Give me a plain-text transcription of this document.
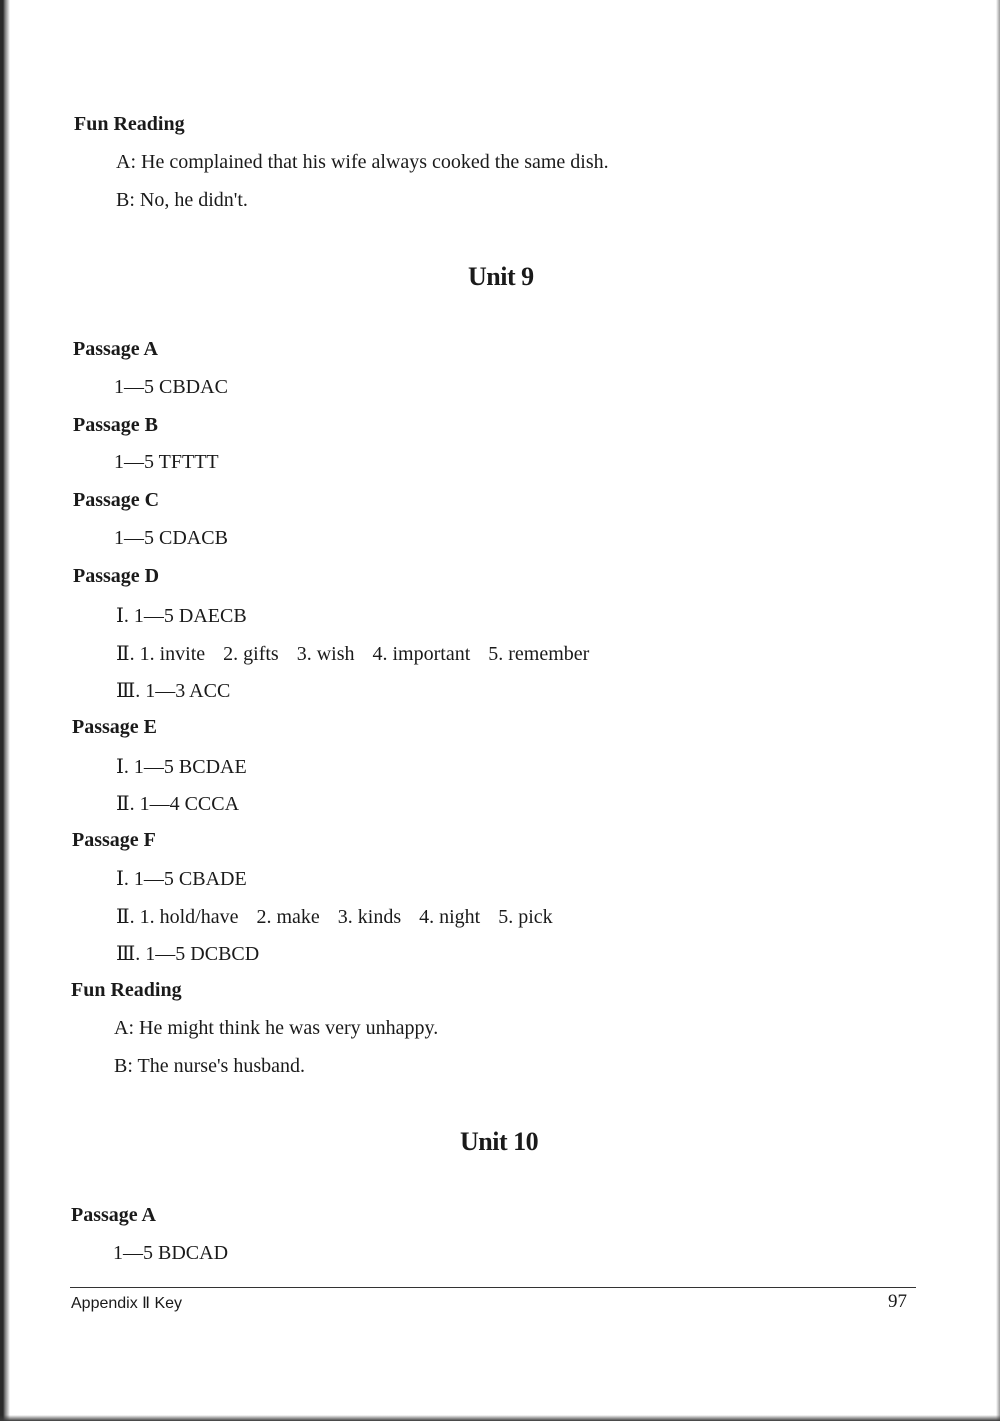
Fun Reading
A: He complained that his wife always cooked the same dish.
B: No, he didn't.
Unit 9
Passage A
1—5 CBDAC
Passage B
1—5 TFTTT
Passage C
1—5 CDACB
Passage D
Ⅰ. 1—5 DAECB
Ⅱ. 1. invite 2. gifts 3. wish 4. important 5. remember
Ⅲ. 1—3 ACC
Passage E
Ⅰ. 1—5 BCDAE
Ⅱ. 1—4 CCCA
Passage F
Ⅰ. 1—5 CBADE
Ⅱ. 1. hold/have 2. make 3. kinds 4. night 5. pick
Ⅲ. 1—5 DCBCD
Fun Reading
A: He might think he was very unhappy.
B: The nurse's husband.
Unit 10
Passage A
1—5 BDCAD
Appendix Ⅱ Key	97
